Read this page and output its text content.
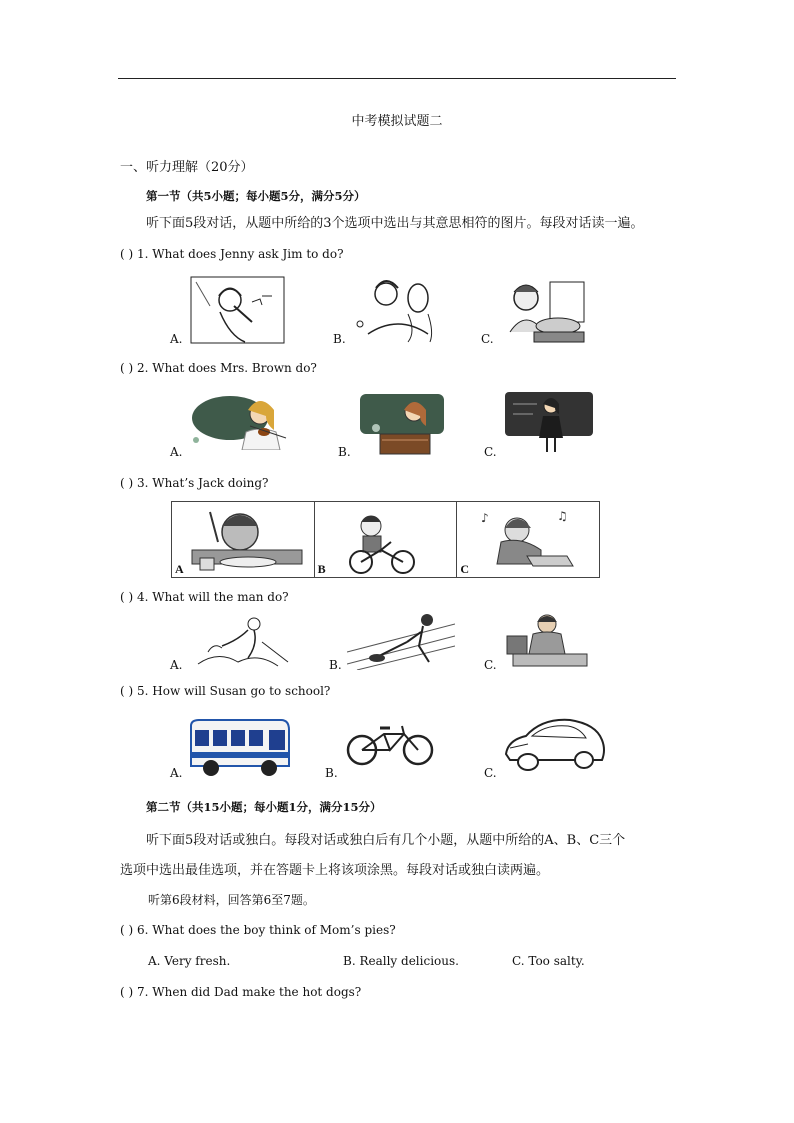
中考模拟试题二
一、听力理解（20分）
第一节（共5小题；每小题5分，满分5分）
听下面5段对话，从题中所给的3个选项中选出与其意思相符的图片。每段对话读一遍。
( ) 1. What does Jenny ask Jim to do?
A.	B.	C.
( ) 2. What does Mrs. Brown do?
A.	B.	C.
( ) 3. What’s Jack doing?
A	B
♪	♫
C
( ) 4. What will the man do?
A.	B.	C.
( ) 5. How will Susan go to school?
A.	B.	C.
第二节（共15小题；每小题1分，满分15分）
听下面5段对话或独白。每段对话或独白后有几个小题，从题中所给的A、B、C三个
选项中选出最佳选项，并在答题卡上将该项涂黑。每段对话或独白读两遍。
听第6段材料，回答第6至7题。
( ) 6. What does the boy think of Mom’s pies?
A. Very fresh.	B. Really delicious.	C. Too salty.
( ) 7. When did Dad make the hot dogs?
